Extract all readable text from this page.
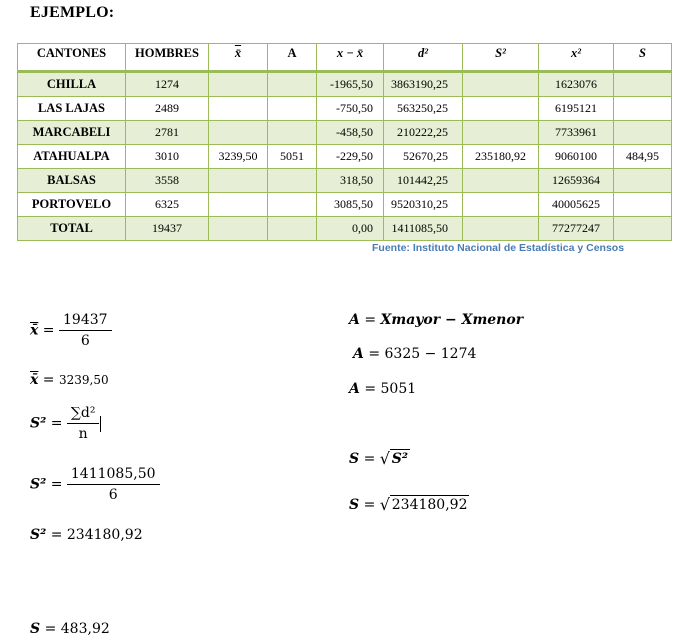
EJEMPLO:
CANTONES	HOMBRES	x̄	A	x − x̄	d²	S²	x²	S
CHILLA	1274			-1965,50	3863190,25		1623076	
LAS LAJAS	2489			-750,50	563250,25		6195121	
MARCABELI	2781			-458,50	210222,25		7733961	
ATAHUALPA	3010	3239,50	5051	-229,50	52670,25	235180,92	9060100	484,95
BALSAS	3558			318,50	101442,25		12659364	
PORTOVELO	6325			3085,50	9520310,25		40005625	
TOTAL	19437			0,00	1411085,50		77277247	
Fuente: Instituto Nacional de Estadística y Censos
x̄ = $\frac{19437}{6}$
x̄ = 3239,50
$S^2 = \frac{\text{∑d²}}{n}$
$S^2 = \frac{1411085,50}{6}$
S² = 234180,92
S = 483,92
A = Xmayor − Xmenor
A = 6325 − 1274
A = 5051
S = √ S²
S = √ 234180,92
